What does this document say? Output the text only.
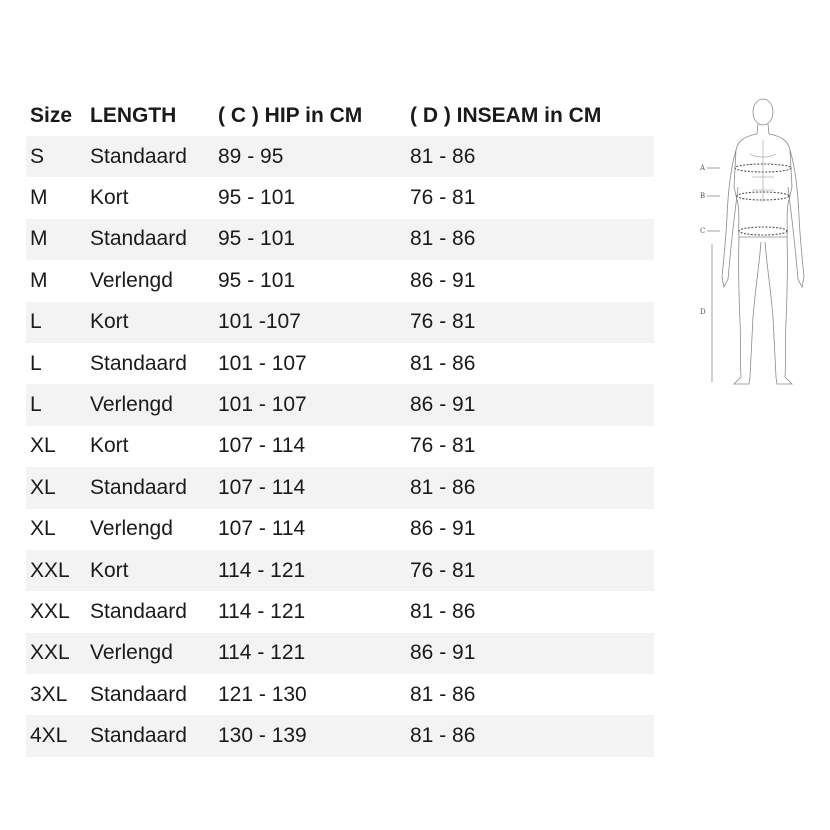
Size LENGTH	( C ) HIP in CM	( D ) INSEAM in CM
S	Standaard	89 - 95	81 - 86
M	Kort	95 - 101	76 - 81
M	Standaard	95 - 101	81 - 86
M	Verlengd	95 - 101	86 - 91
L	Kort	101 -107	76 - 81
L	Standaard	101 - 107	81 - 86
L	Verlengd	101 - 107	86 - 91
XL	Kort	107 - 114	76 - 81
XL	Standaard	107 - 114	81 - 86
XL	Verlengd	107 - 114	86 - 91
XXL Kort	114 - 121	76 - 81
XXL Standaard	114 - 121	81 - 86
XXL Verlengd	114 - 121	86 - 91
3XL	Standaard	121 - 130	81 - 86
4XL	Standaard	130 - 139	81 - 86
A
B
C
D
